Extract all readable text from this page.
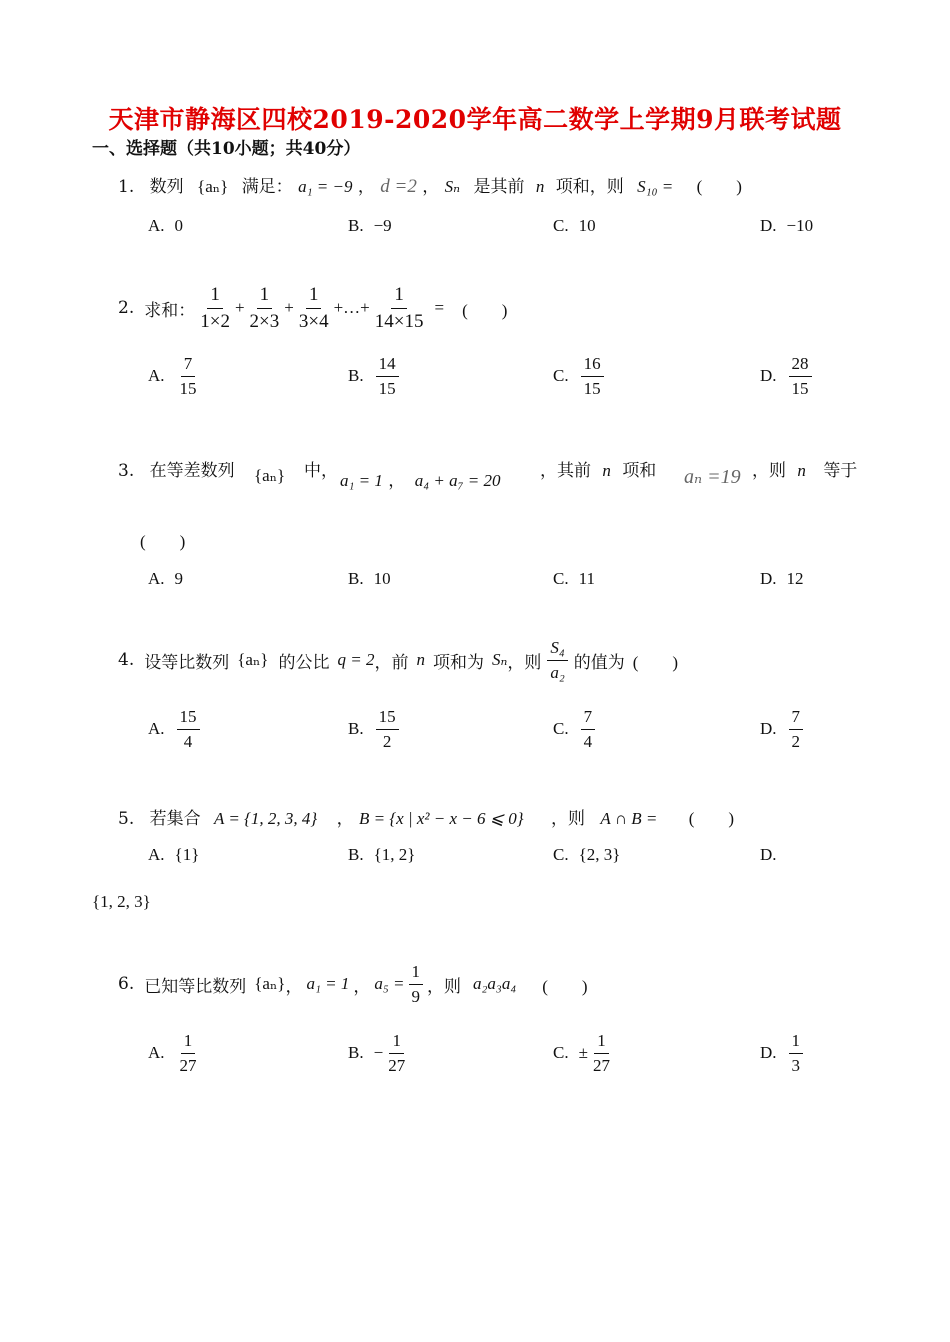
天津市静海区四校2019-2020学年高二数学上学期9月联考试题
一、选择题（共10小题；共40分）
1. 数列 {aₙ} 满足： a₁ = −9 ， d =2 ， Sₙ 是其前 n 项和，则 S₁₀ = (　　)
A. 0	B. −9	C. 10	D. −10
2. 求和： $\frac{1}{1\times 2} + \frac{1}{2\times 3} + \frac{1}{3\times 4}$ +…+ $\frac{1}{14\times 15}$ = (　　)
A. $\frac{7}{15}$	B. $\frac{14}{15}$	C. $\frac{16}{15}$	D. $\frac{28}{15}$
3. 在等差数列 {aₙ} 中， a₁ = 1 ， a₄ + a₇ = 20 ，其前 n 项和 aₙ =19 ，则 n 等于
(　　)
A. 9	B. 10	C. 11	D. 12
4. 设等比数列 {aₙ} 的公比 q = 2 ，前 n 项和为 Sₙ ，则 $\frac{\text{S₄}}{\text{a₂}}$ 的值为 (　　)
A. $\frac{15}{4}$	B. $\frac{15}{2}$	C. $\frac{7}{4}$	D. $\frac{7}{2}$
5. 若集合 A = {1, 2, 3, 4} ， B = {x | x² − x − 6 ⩽ 0} ，则 A ∩ B = (　　)
A. {1}	B. {1, 2}	C. {2, 3}	D.
{1, 2, 3}
6. 已知等比数列 {aₙ} ， a₁ = 1 ， $a_5 = \frac{1}{9}$ ，则 a₂a₃a₄ (　　)
A. $\frac{1}{27}$	B. − $\frac{1}{27}$	C. ± $\frac{1}{27}$	D. $\frac{1}{3}$
